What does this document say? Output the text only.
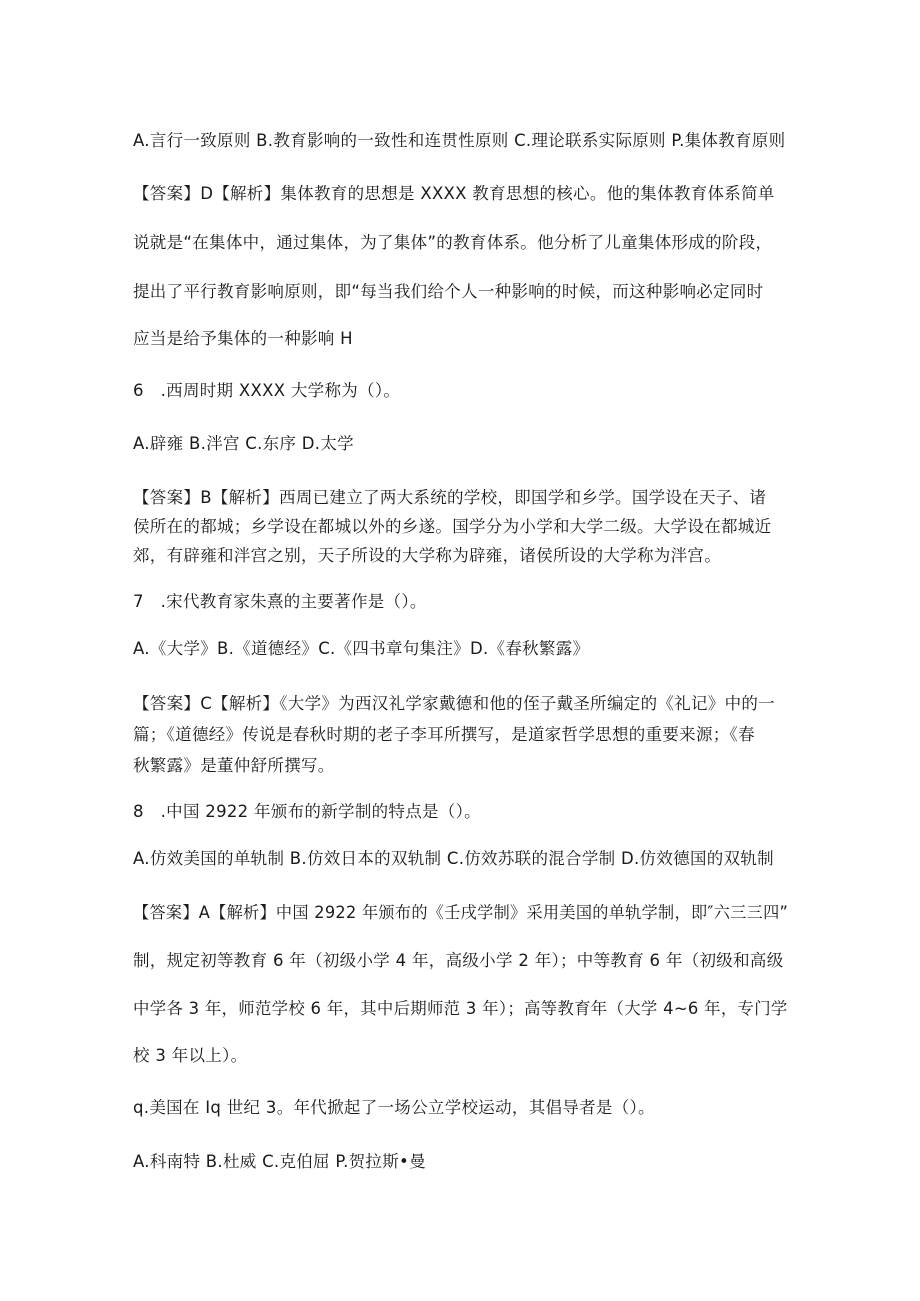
A.言行一致原则 B.教育影响的一致性和连贯性原则 C.理论联系实际原则 P.集体教育原则
【答案】D【解析】集体教育的思想是 XXXX 教育思想的核心。他的集体教育体系简单
说就是“在集体中，通过集体，为了集体”的教育体系。他分析了儿童集体形成的阶段，
提出了平行教育影响原则，即“每当我们给个人一种影响的时候，而这种影响必定同时
应当是给予集体的一种影响 H
6　.西周时期 XXXX 大学称为（）。
A.辟雍 B.泮宫 C.东序 D.太学
【答案】B【解析】西周已建立了两大系统的学校，即国学和乡学。国学设在天子、诸
侯所在的都城；乡学设在都城以外的乡遂。国学分为小学和大学二级。大学设在都城近
郊，有辟雍和泮宫之别，天子所设的大学称为辟雍，诸侯所设的大学称为泮宫。
7　.宋代教育家朱熹的主要著作是（）。
A.《大学》B.《道德经》C.《四书章句集注》D.《春秋繁露》
【答案】C【解析】《大学》为西汉礼学家戴德和他的侄子戴圣所编定的《礼记》中的一
篇；《道德经》传说是春秋时期的老子李耳所撰写，是道家哲学思想的重要来源；《春
秋繁露》是董仲舒所撰写。
8　.中国 2922 年颁布的新学制的特点是（）。
A.仿效美国的单轨制 B.仿效日本的双轨制 C.仿效苏联的混合学制 D.仿效德国的双轨制
【答案】A【解析】中国 2922 年颁布的《壬戌学制》采用美国的单轨学制，即″六三三四”
制，规定初等教育 6 年（初级小学 4 年，高级小学 2 年）；中等教育 6 年（初级和高级
中学各 3 年，师范学校 6 年，其中后期师范 3 年）；高等教育年（大学 4~6 年，专门学
校 3 年以上）。
q.美国在 Iq 世纪 3。年代掀起了一场公立学校运动，其倡导者是（）。
A.科南特 B.杜威 C.克伯屈 P.贺拉斯•曼
